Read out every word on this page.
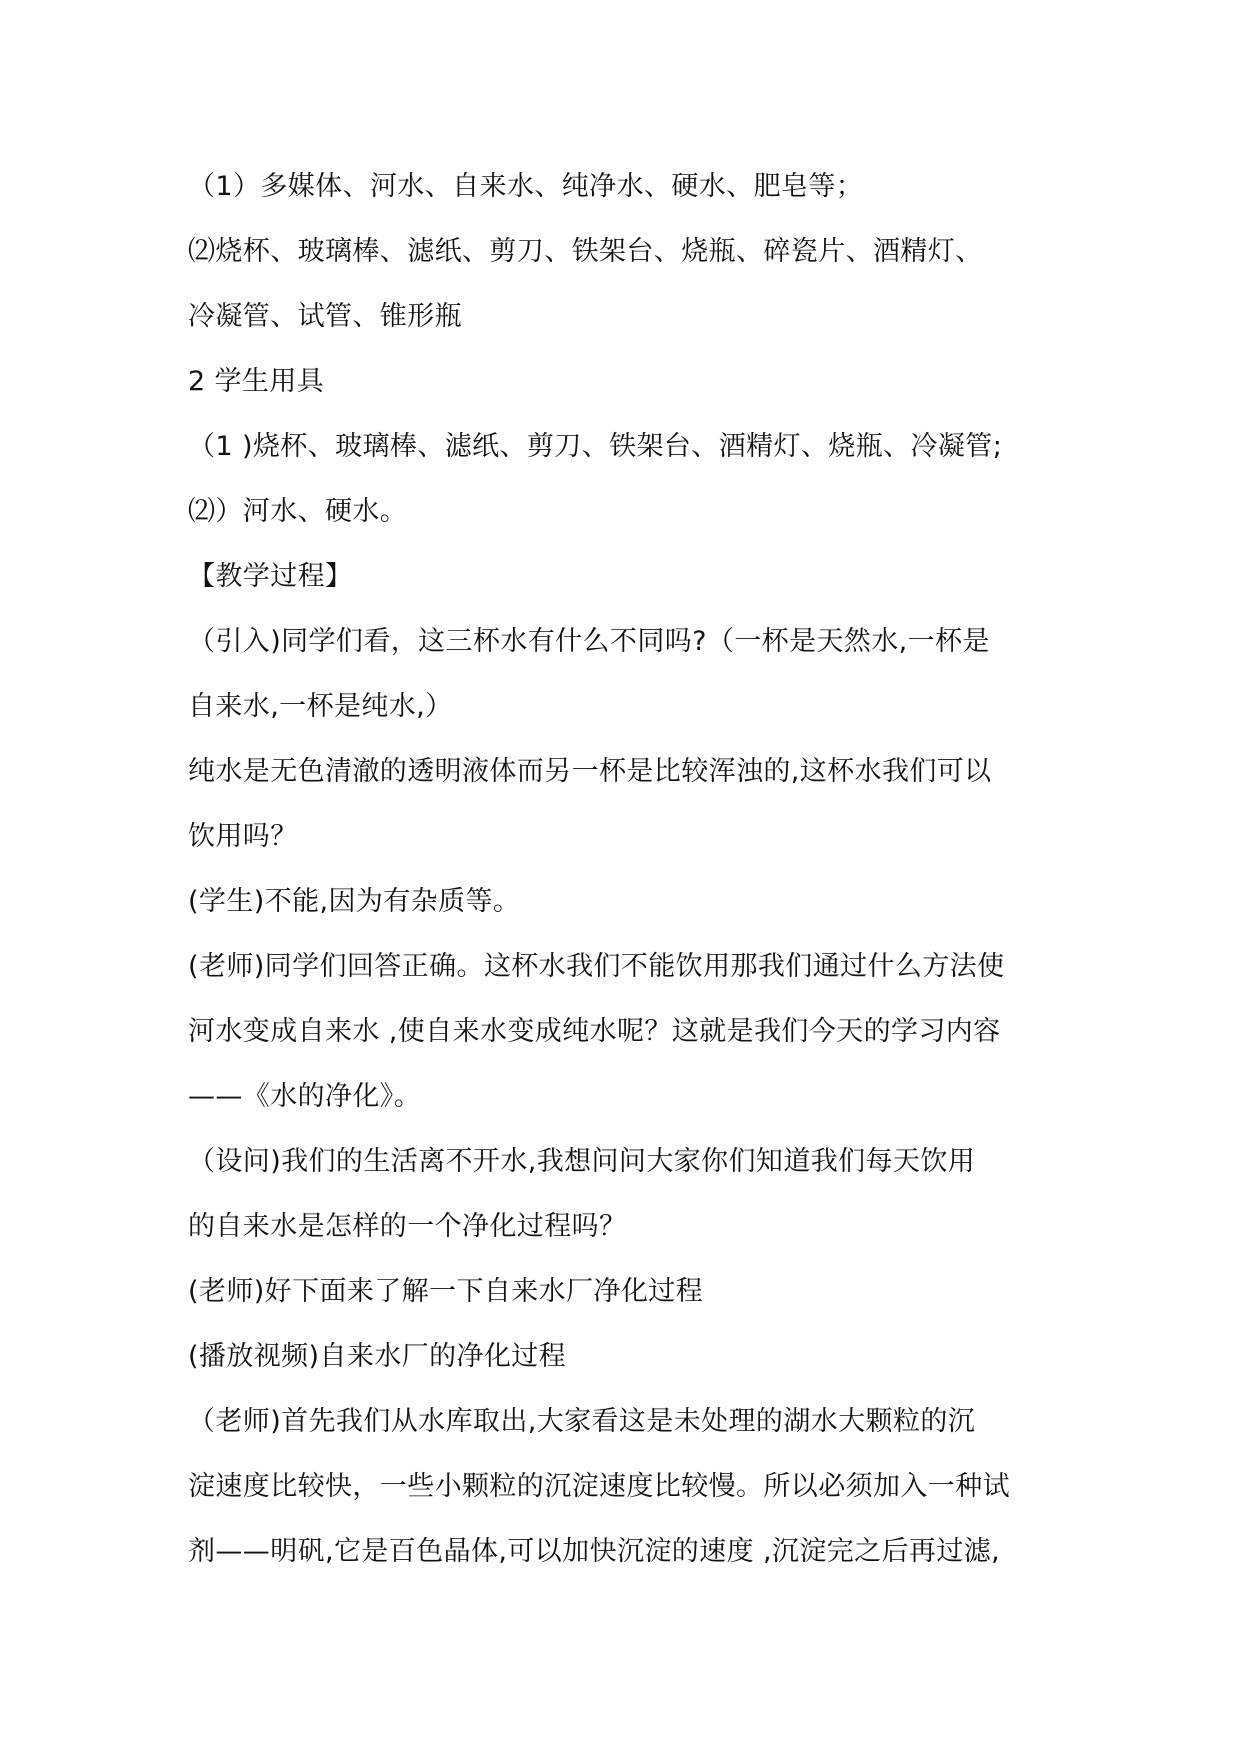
（1）多媒体、河水、自来水、纯净水、硬水、肥皂等；
⑵烧杯、玻璃棒、滤纸、剪刀、铁架台、烧瓶、碎瓷片、酒精灯、
冷凝管、试管、锥形瓶
2 学生用具
（1 )烧杯、玻璃棒、滤纸、剪刀、铁架台、酒精灯、烧瓶、冷凝管;
⑵）河水、硬水。
【教学过程】
（引入)同学们看，这三杯水有什么不同吗?（一杯是天然水,一杯是
自来水,一杯是纯水,）
纯水是无色清澈的透明液体而另一杯是比较浑浊的,这杯水我们可以
饮用吗？
(学生)不能,因为有杂质等。
(老师)同学们回答正确。这杯水我们不能饮用那我们通过什么方法使
河水变成自来水 ,使自来水变成纯水呢？这就是我们今天的学习内容
——《水的净化》。
（设问)我们的生活离不开水,我想问问大家你们知道我们每天饮用
的自来水是怎样的一个净化过程吗？
(老师)好下面来了解一下自来水厂净化过程
(播放视频)自来水厂的净化过程
（老师)首先我们从水库取出,大家看这是未处理的湖水大颗粒的沉
淀速度比较快，一些小颗粒的沉淀速度比较慢。所以必须加入一种试
剂——明矾,它是百色晶体,可以加快沉淀的速度 ,沉淀完之后再过滤,
